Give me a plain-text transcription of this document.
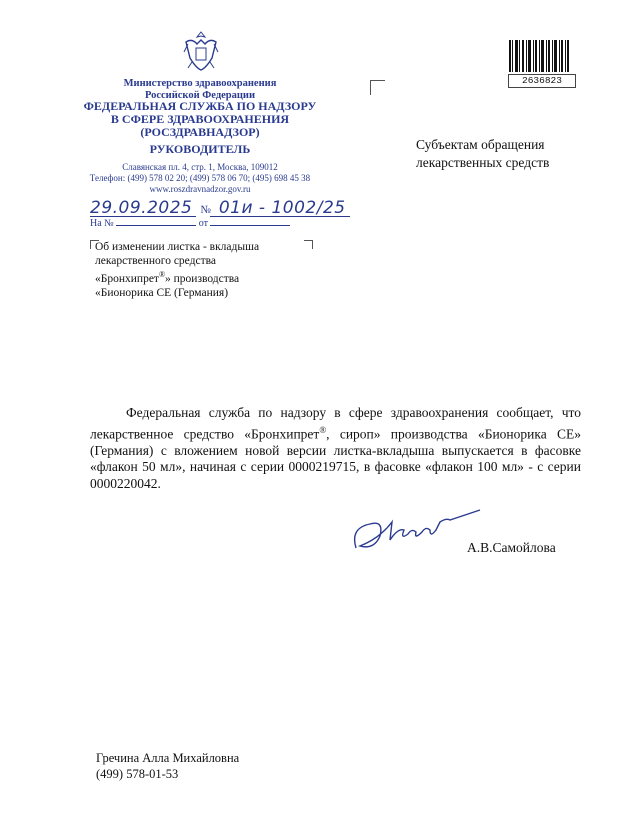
Министерство здравоохранения
Российской Федерации
ФЕДЕРАЛЬНАЯ СЛУЖБА ПО НАДЗОРУ
В СФЕРЕ ЗДРАВООХРАНЕНИЯ
(РОСЗДРАВНАДЗОР)
РУКОВОДИТЕЛЬ
Славянская пл. 4, стр. 1, Москва, 109012
Телефон: (499) 578 02 20; (499) 578 06 70; (495) 698 45 38
www.roszdravnadzor.gov.ru
2636823
Субъектам обращения лекарственных средств
29.09.2025 № 01и - 1002/25
На №	от
Об изменении листка - вкладыша
лекарственного средства
«Бронхипрет®» производства
«Бионорика СЕ (Германия)

Федеральная служба по надзору в сфере здравоохранения сообщает, что лекарственное средство «Бронхипрет®, сироп» производства «Бионорика СЕ» (Германия) с вложением новой версии листка-вкладыша выпускается в фасовке «флакон 50 мл», начиная с серии 0000219715, в фасовке «флакон 100 мл» - с серии 0000220042.

А.В.Самойлова
Гречина Алла Михайловна
(499) 578-01-53
